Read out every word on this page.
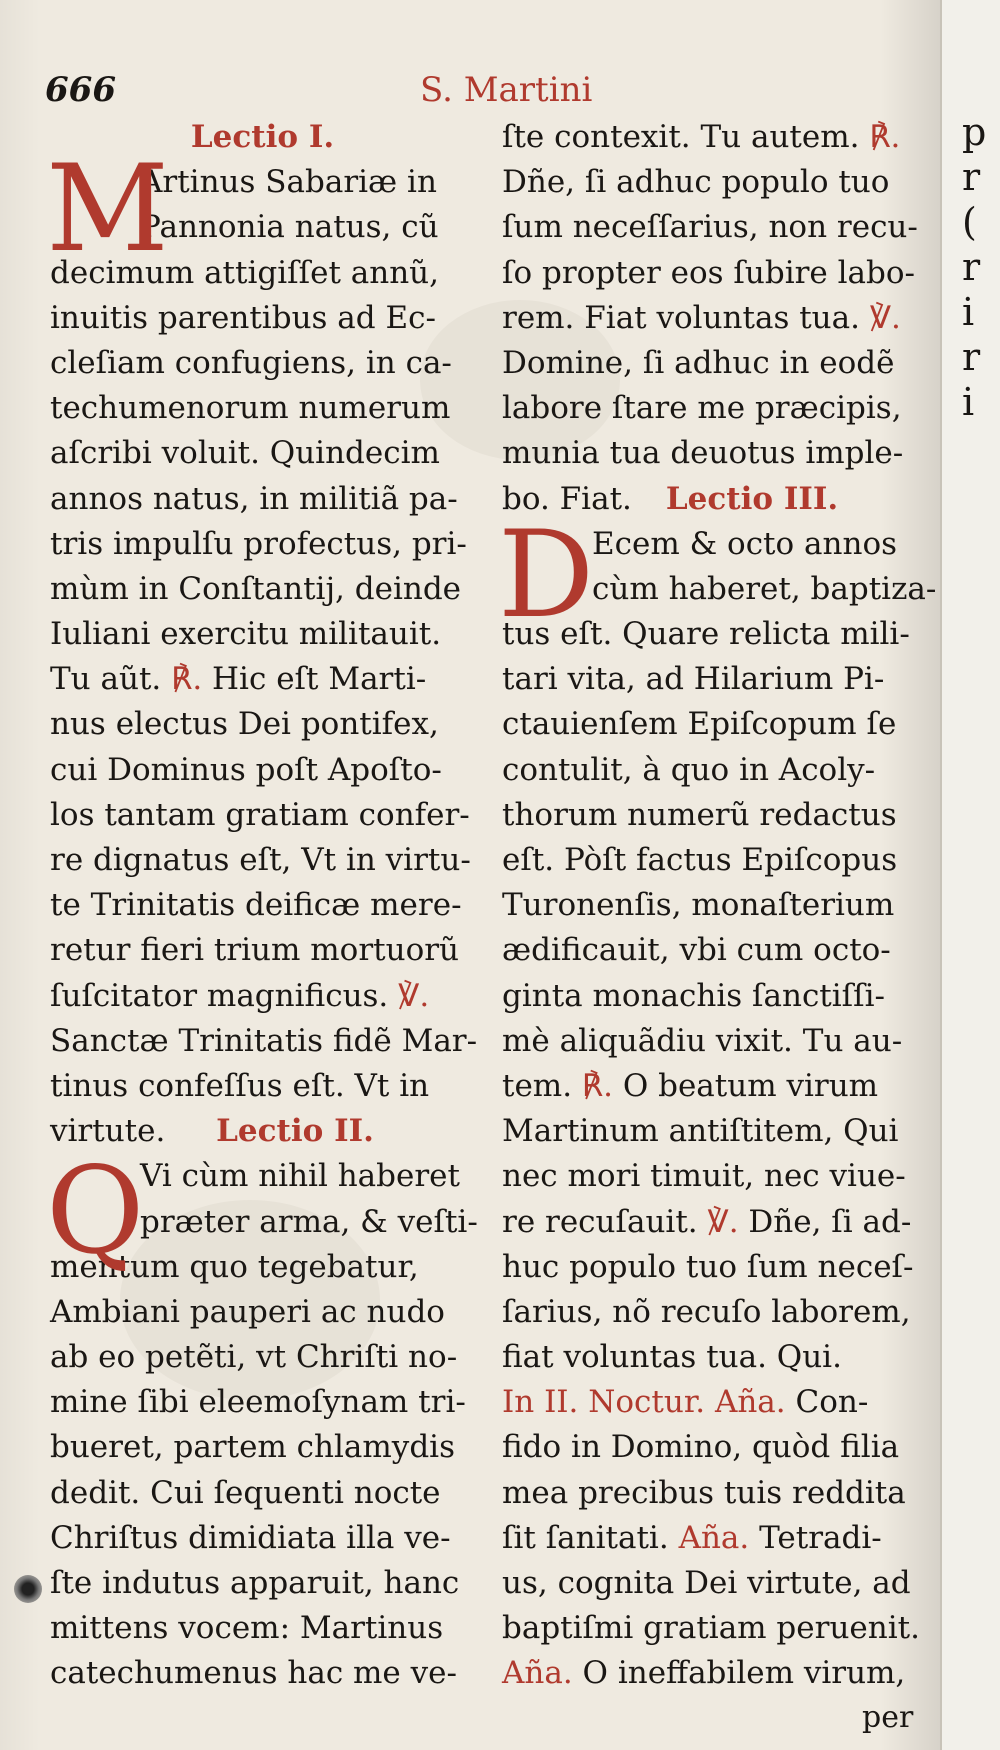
666	S. Martini
Lectio I.
M
Artinus Sabariæ in
Pannonia natus, cũ
decimum attigiſſet annũ,
inuitis parentibus ad Ec-
cleſiam confugiens, in ca-
techumenorum numerum
aſcribi voluit. Quindecim
annos natus, in militiã pa-
tris impulſu profectus, pri-
mùm in Conſtantij, deinde
Iuliani exercitu militauit.
Tu aũt. ℟. Hic eſt Marti-
nus electus Dei pontifex,
cui Dominus poſt Apoſto-
los tantam gratiam confer-
re dignatus eſt, Vt in virtu-
te Trinitatis deificæ mere-
retur fieri trium mortuorũ
ſuſcitator magnificus. ℣.
Sanctæ Trinitatis fidẽ Mar-
tinus confeſſus eſt. Vt in
virtute.	Lectio II.
Q
Vi cùm nihil haberet
præter arma, & veſti-
mentum quo tegebatur,
Ambiani pauperi ac nudo
ab eo petẽti, vt Chriſti no-
mine ſibi eleemoſynam tri-
bueret, partem chlamydis
dedit. Cui ſequenti nocte
Chriſtus dimidiata illa ve-
ſte indutus apparuit, hanc
mittens vocem: Martinus
catechumenus hac me ve-
ſte contexit. Tu autem. ℟.
Dñe, ſi adhuc populo tuo
ſum neceſſarius, non recu-
ſo propter eos ſubire labo-
rem. Fiat voluntas tua. ℣.
Domine, ſi adhuc in eodẽ
labore ſtare me præcipis,
munia tua deuotus imple-
bo. Fiat.	Lectio III.
D
Ecem & octo annos
cùm haberet, baptiza-
tus eſt. Quare relicta mili-
tari vita, ad Hilarium Pi-
ctauienſem Epiſcopum ſe
contulit, à quo in Acoly-
thorum numerũ redactus
eſt. Pòſt factus Epiſcopus
Turonenſis, monaſterium
ædificauit, vbi cum octo-
ginta monachis ſanctiſſi-
mè aliquãdiu vixit. Tu au-
tem. ℟. O beatum virum
Martinum antiſtitem, Qui
nec mori timuit, nec viue-
re recuſauit. ℣. Dñe, ſi ad-
huc populo tuo ſum neceſ-
ſarius, nõ recuſo laborem,
fiat voluntas tua. Qui.
In II. Noctur. Aña. Con-
fido in Domino, quòd filia
mea precibus tuis reddita
ſit ſanitati. Aña. Tetradi-
us, cognita Dei virtute, ad
baptiſmi gratiam peruenit.
Aña. O ineffabilem virum,
per
p
r
(
r
i
r
i
